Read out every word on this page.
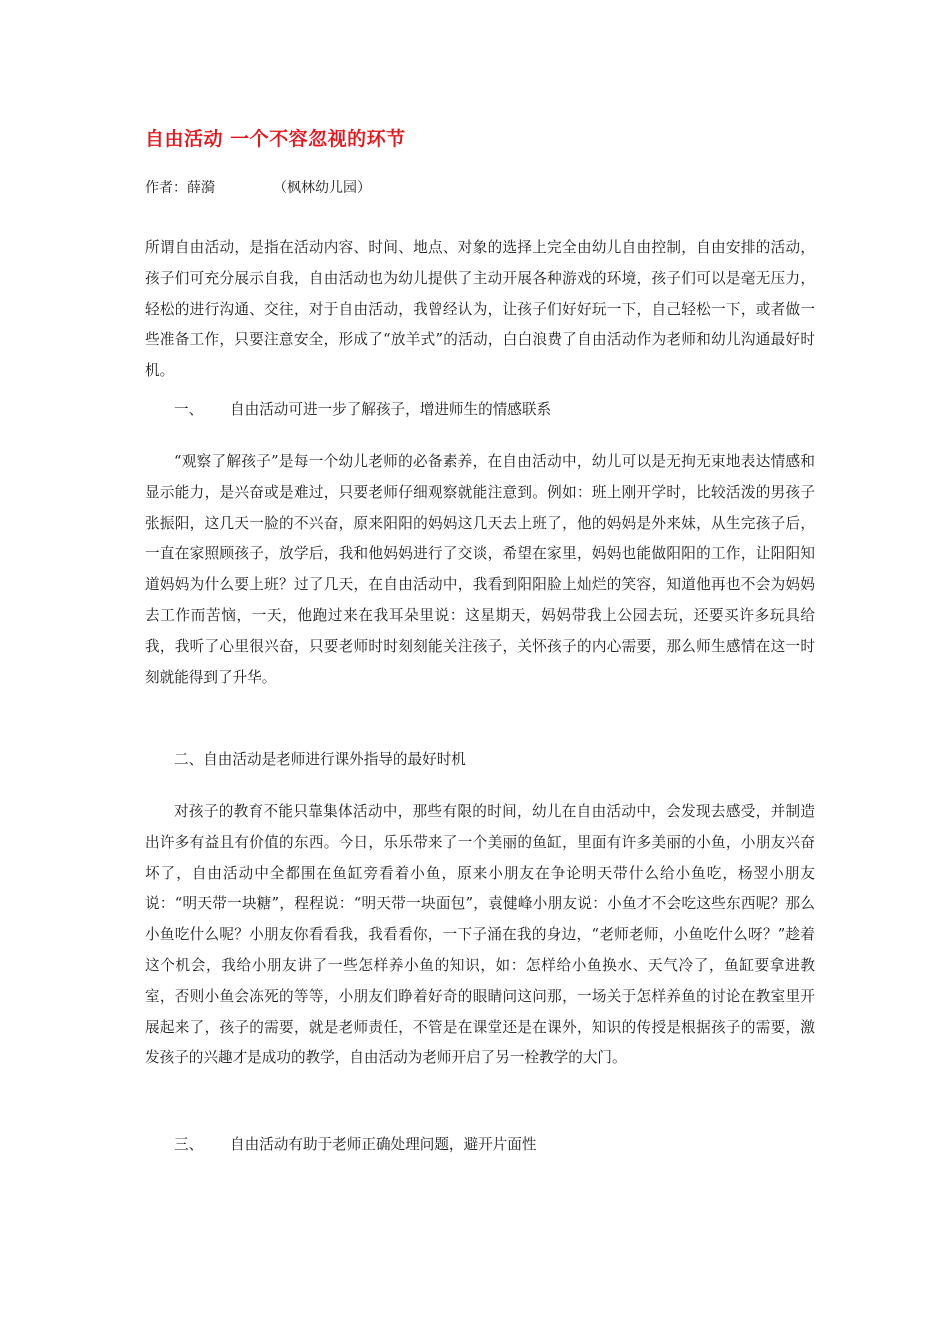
自由活动 一个不容忽视的环节
作者：薛漪	（枫林幼儿园）

所谓自由活动，是指在活动内容、时间、地点、对象的选择上完全由幼儿自由控制，自由安排的活动，孩子们可充分展示自我，自由活动也为幼儿提供了主动开展各种游戏的环境，孩子们可以是毫无压力，轻松的进行沟通、交往，对于自由活动，我曾经认为，让孩子们好好玩一下，自己轻松一下，或者做一些准备工作，只要注意安全，形成了“放羊式”的活动，白白浪费了自由活动作为老师和幼儿沟通最好时机。

一、 自由活动可进一步了解孩子，增进师生的情感联系

“观察了解孩子”是每一个幼儿老师的必备素养，在自由活动中，幼儿可以是无拘无束地表达情感和显示能力，是兴奋或是难过，只要老师仔细观察就能注意到。例如：班上刚开学时，比较活泼的男孩子张振阳，这几天一脸的不兴奋，原来阳阳的妈妈这几天去上班了，他的妈妈是外来妹，从生完孩子后，一直在家照顾孩子，放学后，我和他妈妈进行了交谈，希望在家里，妈妈也能做阳阳的工作，让阳阳知道妈妈为什么要上班？过了几天，在自由活动中，我看到阳阳脸上灿烂的笑容，知道他再也不会为妈妈去工作而苦恼，一天，他跑过来在我耳朵里说：这星期天，妈妈带我上公园去玩，还要买许多玩具给我，我听了心里很兴奋，只要老师时时刻刻能关注孩子，关怀孩子的内心需要，那么师生感情在这一时刻就能得到了升华。

二、自由活动是老师进行课外指导的最好时机

对孩子的教育不能只靠集体活动中，那些有限的时间，幼儿在自由活动中，会发现去感受，并制造出许多有益且有价值的东西。今日，乐乐带来了一个美丽的鱼缸，里面有许多美丽的小鱼，小朋友兴奋坏了，自由活动中全都围在鱼缸旁看着小鱼，原来小朋友在争论明天带什么给小鱼吃，杨翌小朋友说：“明天带一块糖”，程程说：“明天带一块面包”，袁健峰小朋友说：小鱼才不会吃这些东西呢？那么小鱼吃什么呢？小朋友你看看我，我看看你，一下子涌在我的身边，“老师老师，小鱼吃什么呀？”趁着这个机会，我给小朋友讲了一些怎样养小鱼的知识，如：怎样给小鱼换水、天气冷了，鱼缸要拿进教室，否则小鱼会冻死的等等，小朋友们睁着好奇的眼睛问这问那，一场关于怎样养鱼的讨论在教室里开展起来了，孩子的需要，就是老师责任，不管是在课堂还是在课外，知识的传授是根据孩子的需要，激发孩子的兴趣才是成功的教学，自由活动为老师开启了另一栓教学的大门。

三、 自由活动有助于老师正确处理问题，避开片面性
